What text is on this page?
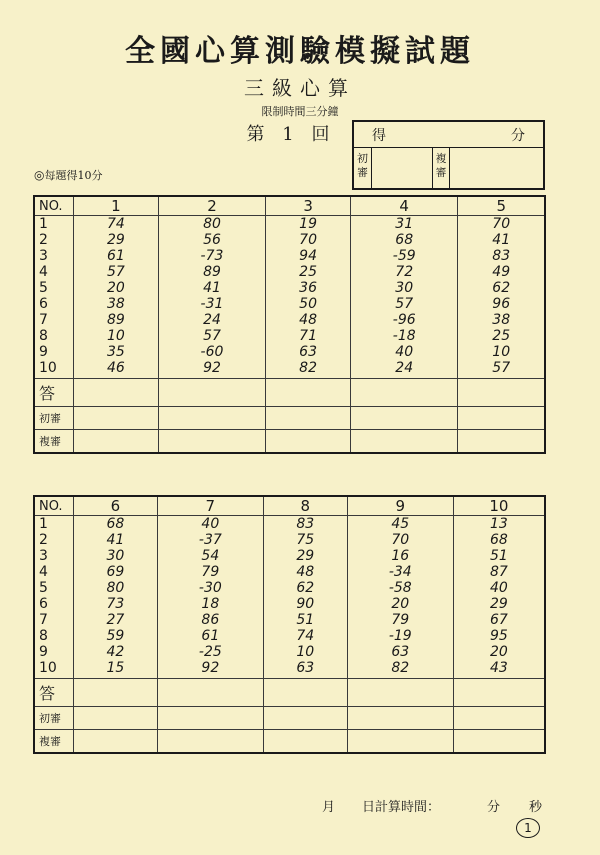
全國心算測驗模擬試題
三級心算
限制時間三分鐘
第 1 回	得	分
初審
複審
◎每題得10分
NO.	1	2	3	4	5
1	74	80	19	31	70
2	29	56	70	68	41
3	61	-73	94	-59	83
4	57	89	25	72	49
5	20	41	36	30	62
6	38	-31	50	57	96
7	89	24	48	-96	38
8	10	57	71	-18	25
9	35	-60	63	40	10
10	46	92	82	24	57
答					
初審					
複審					
NO.	6	7	8	9	10
1	68	40	83	45	13
2	41	-37	75	70	68
3	30	54	29	16	51
4	69	79	48	-34	87
5	80	-30	62	-58	40
6	73	18	90	20	29
7	27	86	51	79	67
8	59	61	74	-19	95
9	42	-25	10	63	20
10	15	92	63	82	43
答					
初審					
複審					
月 日計算時間：	分 秒
1
